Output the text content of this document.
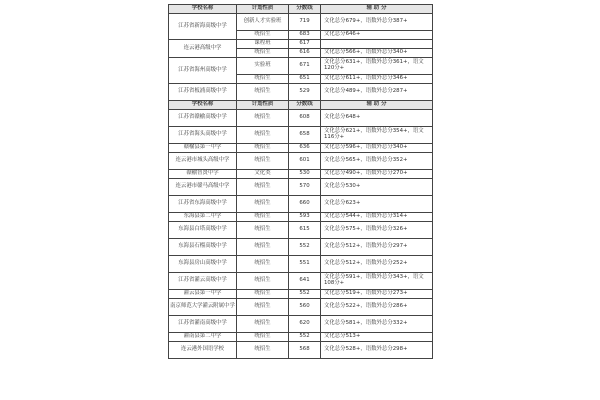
学校名称	计划性质	分数线	辅 助 分
江苏省新海高级中学	创新人才实验班	719	文化总分679+，语数外总分387+
	统招生	683	文化总分646+
连云港高级中学	课程班	617	
	统招生	616	文化总分566+，语数外总分340+
江苏省海州高级中学	实验班	671	文化总分631+，语数外总分361+，语文120分+
	统招生	651	文化总分611+，语数外总分346+
江苏省板浦高级中学	统招生	529	文化总分489+，语数外总分287+
学校名称	计划性质	分数线	辅 助 分
江苏省赣榆高级中学	统招生	608	文化总分648+
江苏省海头高级中学	统招生	658	文化总分621+，语数外总分354+，语文116分+
赣榆县第一中学	统招生	636	文化总分596+，语数外总分340+
连云港市城头高级中学	统招生	601	文化总分565+，语数外总分352+
赣榆智贤中学	文化类	530	文化总分490+，语数外总分270+
连云港市赣马高级中学	统招生	570	文化总分530+
江苏省东海高级中学	统招生	660	文化总分623+
东海县第二中学	统招生	593	文化总分544+，语数外总分314+
东海县白塔高级中学	统招生	615	文化总分575+，语数外总分326+
东海县石榴高级中学	统招生	552	文化总分512+，语数外总分297+
东海县房山高级中学	统招生	551	文化总分512+，语数外总分252+
江苏省灌云高级中学	统招生	641	文化总分591+，语数外总分343+，语文108分+
灌云县第一中学	统招生	552	文化总分519+，语数外总分273+
南京师范大学灌云附属中学	统招生	560	文化总分522+，语数外总分286+
江苏省灌南高级中学	统招生	620	文化总分581+，语数外总分332+
灌南县第二中学	统招生	552	文化总分513+
连云港外国语学校	统招生	568	文化总分528+，语数外总分298+
